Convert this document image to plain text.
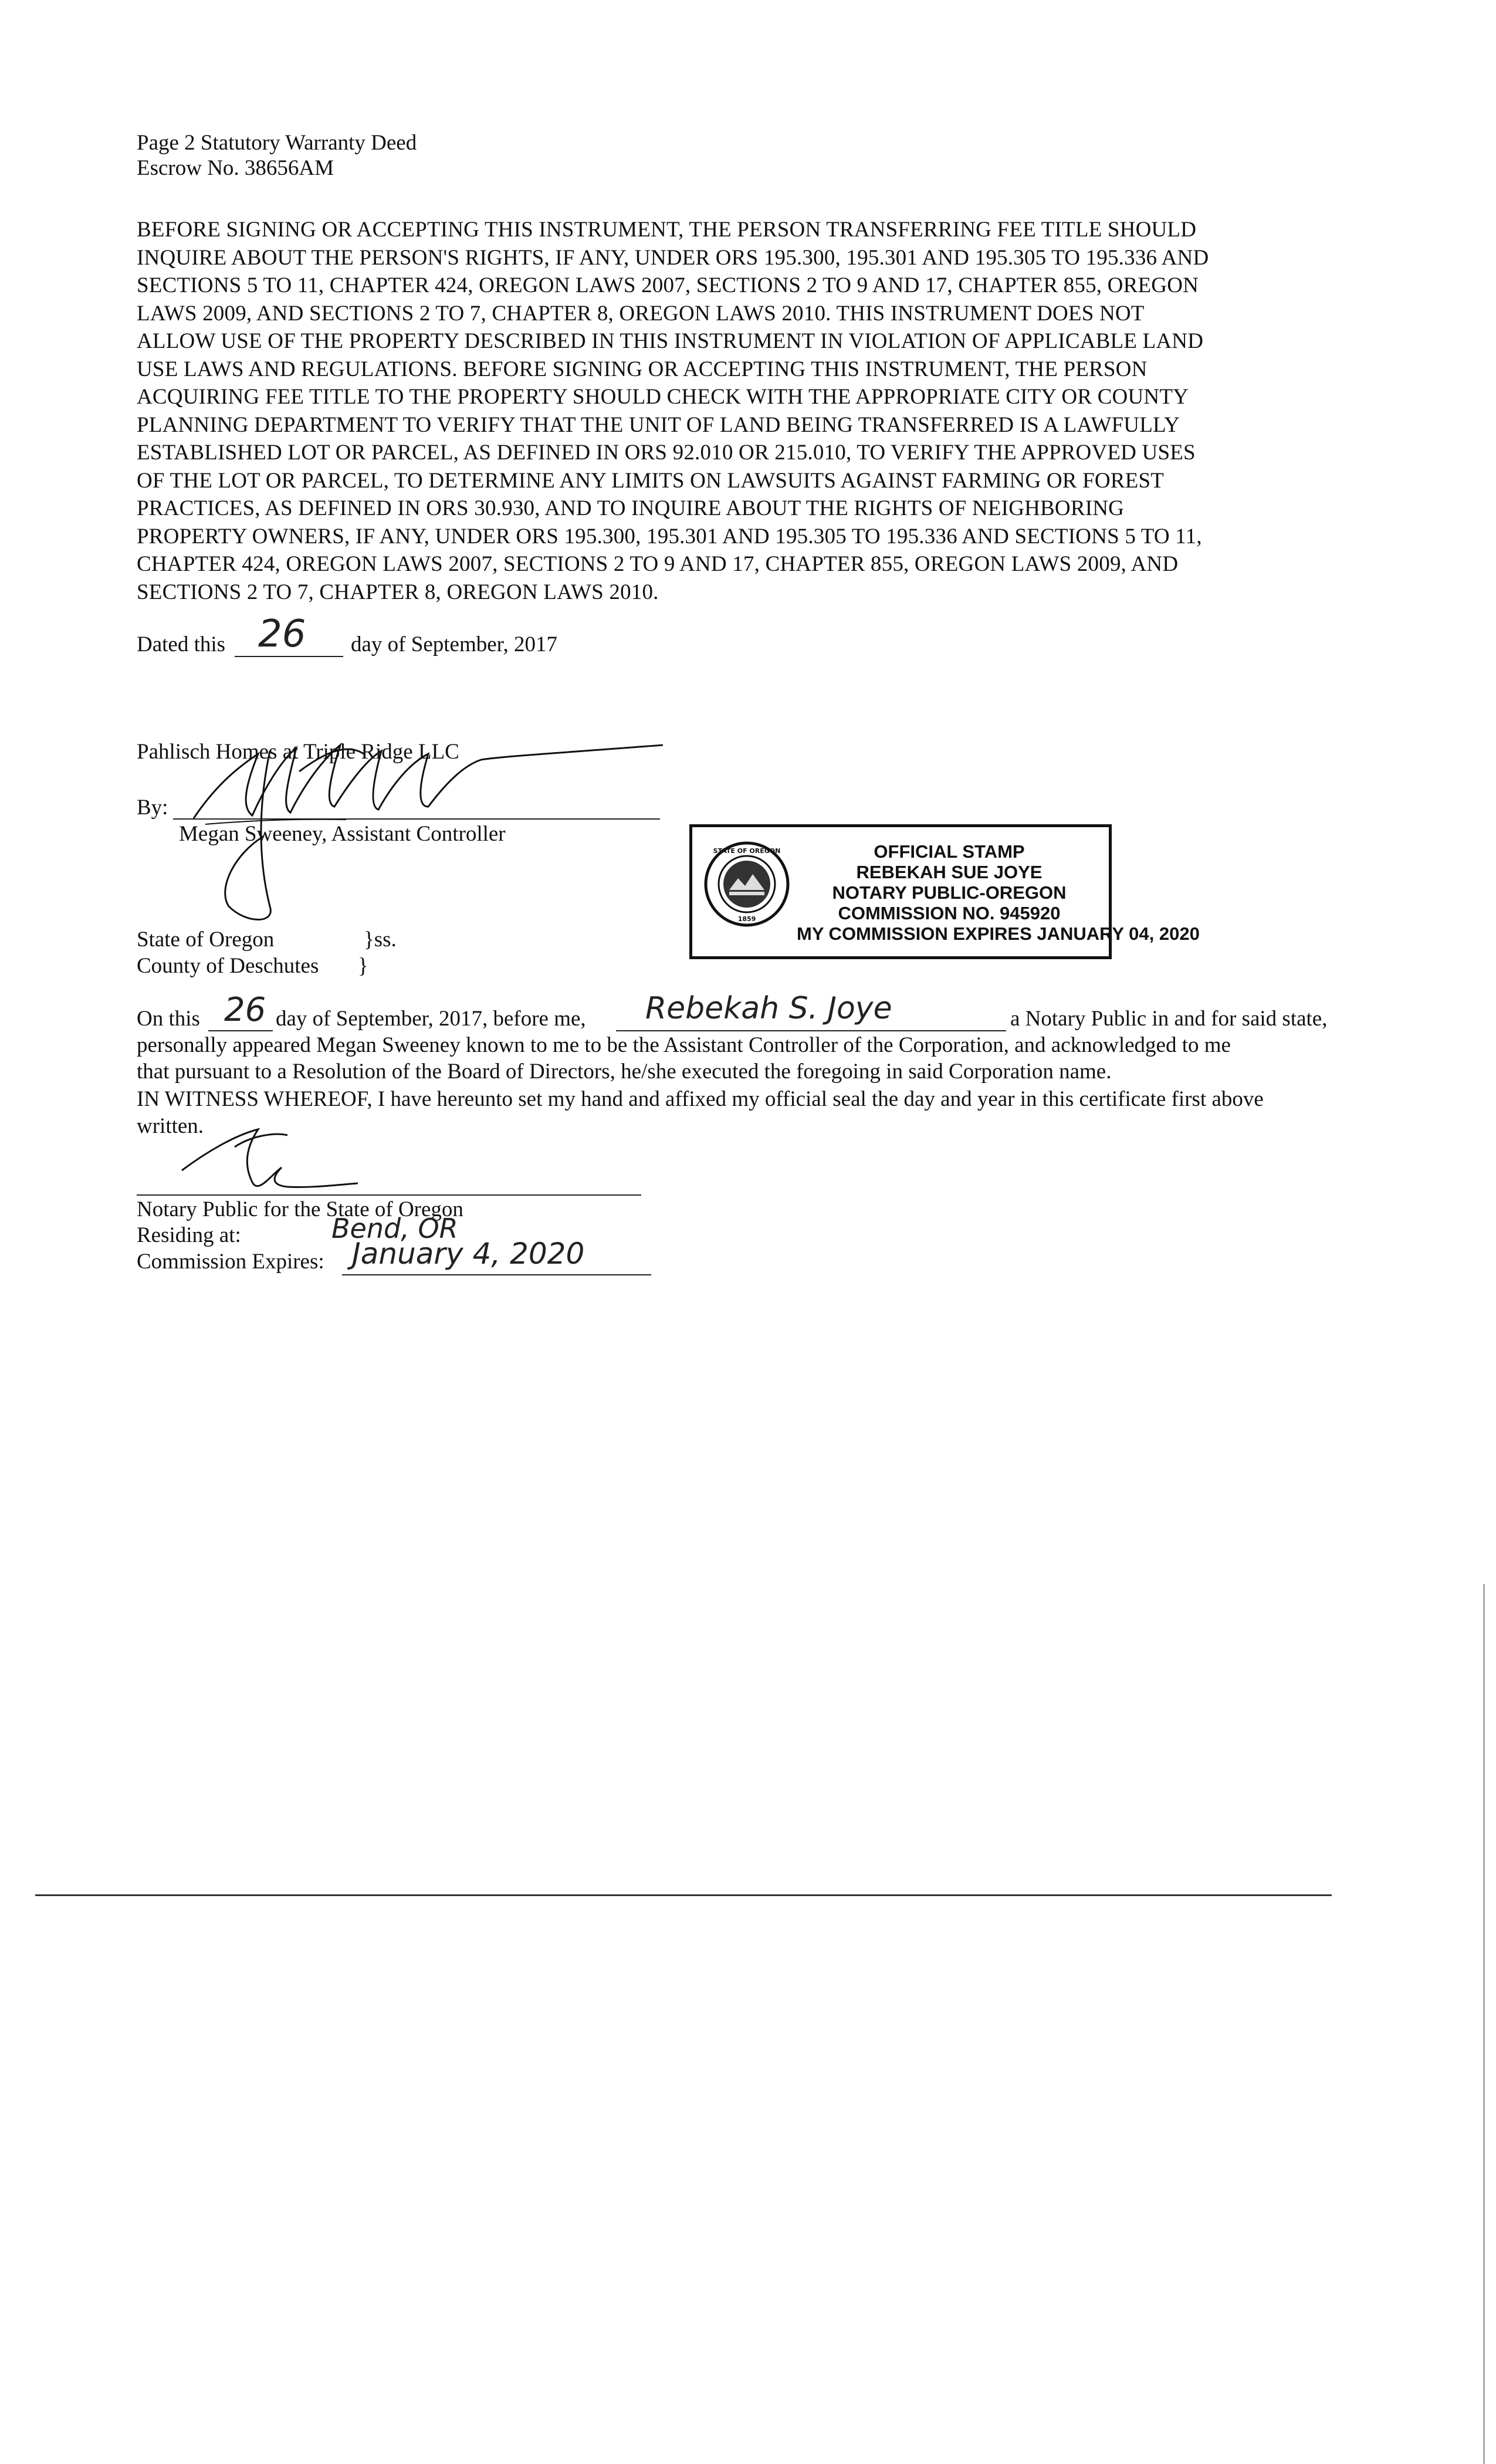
Page 2 Statutory Warranty Deed
Escrow No. 38656AM
BEFORE SIGNING OR ACCEPTING THIS INSTRUMENT, THE PERSON TRANSFERRING FEE TITLE SHOULD
INQUIRE ABOUT THE PERSON'S RIGHTS, IF ANY, UNDER ORS 195.300, 195.301 AND 195.305 TO 195.336 AND
SECTIONS 5 TO 11, CHAPTER 424, OREGON LAWS 2007, SECTIONS 2 TO 9 AND 17, CHAPTER 855, OREGON
LAWS 2009, AND SECTIONS 2 TO 7, CHAPTER 8, OREGON LAWS 2010. THIS INSTRUMENT DOES NOT
ALLOW USE OF THE PROPERTY DESCRIBED IN THIS INSTRUMENT IN VIOLATION OF APPLICABLE LAND
USE LAWS AND REGULATIONS. BEFORE SIGNING OR ACCEPTING THIS INSTRUMENT, THE PERSON
ACQUIRING FEE TITLE TO THE PROPERTY SHOULD CHECK WITH THE APPROPRIATE CITY OR COUNTY
PLANNING DEPARTMENT TO VERIFY THAT THE UNIT OF LAND BEING TRANSFERRED IS A LAWFULLY
ESTABLISHED LOT OR PARCEL, AS DEFINED IN ORS 92.010 OR 215.010, TO VERIFY THE APPROVED USES
OF THE LOT OR PARCEL, TO DETERMINE ANY LIMITS ON LAWSUITS AGAINST FARMING OR FOREST
PRACTICES, AS DEFINED IN ORS 30.930, AND TO INQUIRE ABOUT THE RIGHTS OF NEIGHBORING
PROPERTY OWNERS, IF ANY, UNDER ORS 195.300, 195.301 AND 195.305 TO 195.336 AND SECTIONS 5 TO 11,
CHAPTER 424, OREGON LAWS 2007, SECTIONS 2 TO 9 AND 17, CHAPTER 855, OREGON LAWS 2009, AND
SECTIONS 2 TO 7, CHAPTER 8, OREGON LAWS 2010.
Dated this 26 day of September, 2017
Pahlisch Homes at Triple Ridge LLC
By:
Megan Sweeney, Assistant Controller
State of Oregon	}ss.
County of Deschutes }
STATE OF OREGON
1859
OFFICIAL STAMP
REBEKAH SUE JOYE
NOTARY PUBLIC-OREGON
COMMISSION NO. 945920
MY COMMISSION EXPIRES JANUARY 04, 2020
On this 26 day of September, 2017, before me, Rebekah S. Joye	a Notary Public in and for said state,
personally appeared Megan Sweeney known to me to be the Assistant Controller of the Corporation, and acknowledged to me
that pursuant to a Resolution of the Board of Directors, he/she executed the foregoing in said Corporation name.
IN WITNESS WHEREOF, I have hereunto set my hand and affixed my official seal the day and year in this certificate first above
written.
Notary Public for the State of Oregon
Residing at:	Bend, OR
Commission Expires: January 4, 2020
